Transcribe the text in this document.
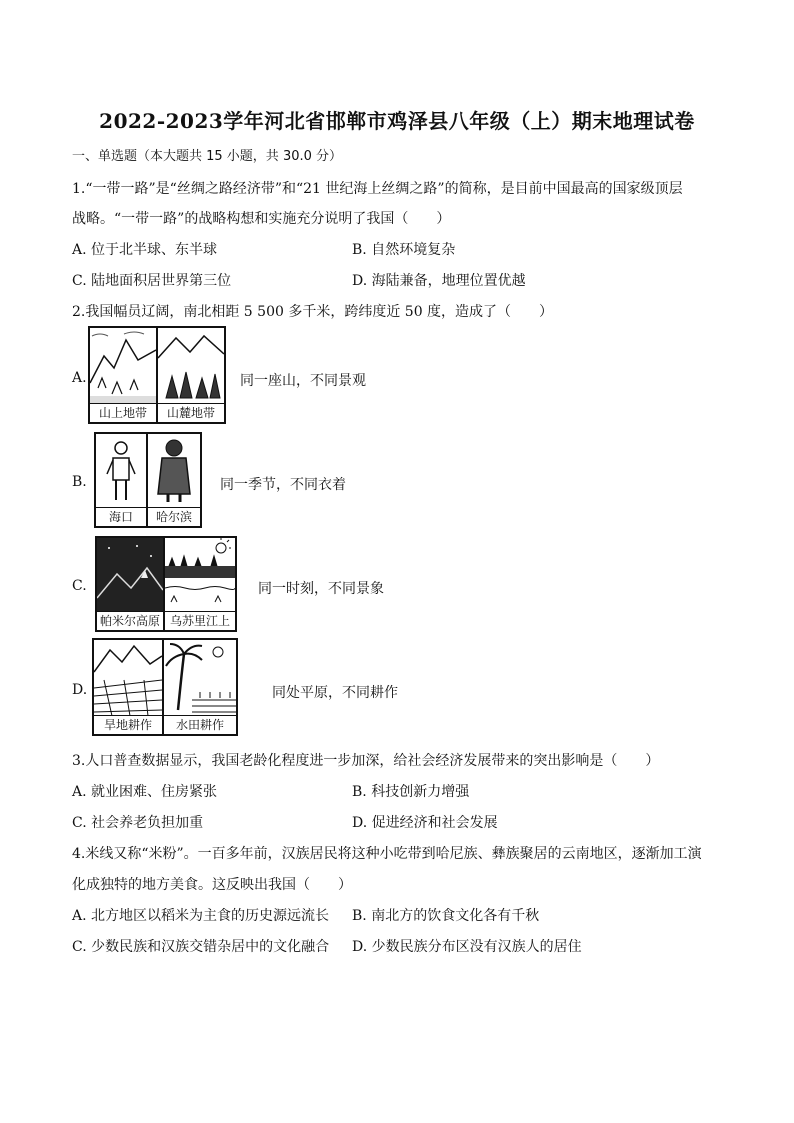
2022-2023学年河北省邯郸市鸡泽县八年级（上）期末地理试卷
一、单选题（本大题共 15 小题，共 30.0 分）
1.“一带一路”是“丝绸之路经济带”和“21 世纪海上丝绸之路”的简称，是目前中国最高的国家级顶层
战略。“一带一路”的战略构想和实施充分说明了我国（　　）
A. 位于北半球、东半球	B. 自然环境复杂
C. 陆地面积居世界第三位	D. 海陆兼备，地理位置优越
2.我国幅员辽阔，南北相距 5 500 多千米，跨纬度近 50 度，造成了（　　）
A.
山上地带	山麓地带
同一座山，不同景观
B.
海口	哈尔滨
同一季节，不同衣着
C.
帕米尔高原 乌苏里江上
同一时刻，不同景象
D.
旱地耕作	水田耕作
同处平原，不同耕作
3.人口普查数据显示，我国老龄化程度进一步加深，给社会经济发展带来的突出影响是（　　）
A. 就业困难、住房紧张	B. 科技创新力增强
C. 社会养老负担加重	D. 促进经济和社会发展
4.米线又称“米粉”。一百多年前，汉族居民将这种小吃带到哈尼族、彝族聚居的云南地区，逐渐加工演
化成独特的地方美食。这反映出我国（　　）
A. 北方地区以稻米为主食的历史源远流长 B. 南北方的饮食文化各有千秋
C. 少数民族和汉族交错杂居中的文化融合 D. 少数民族分布区没有汉族人的居住
